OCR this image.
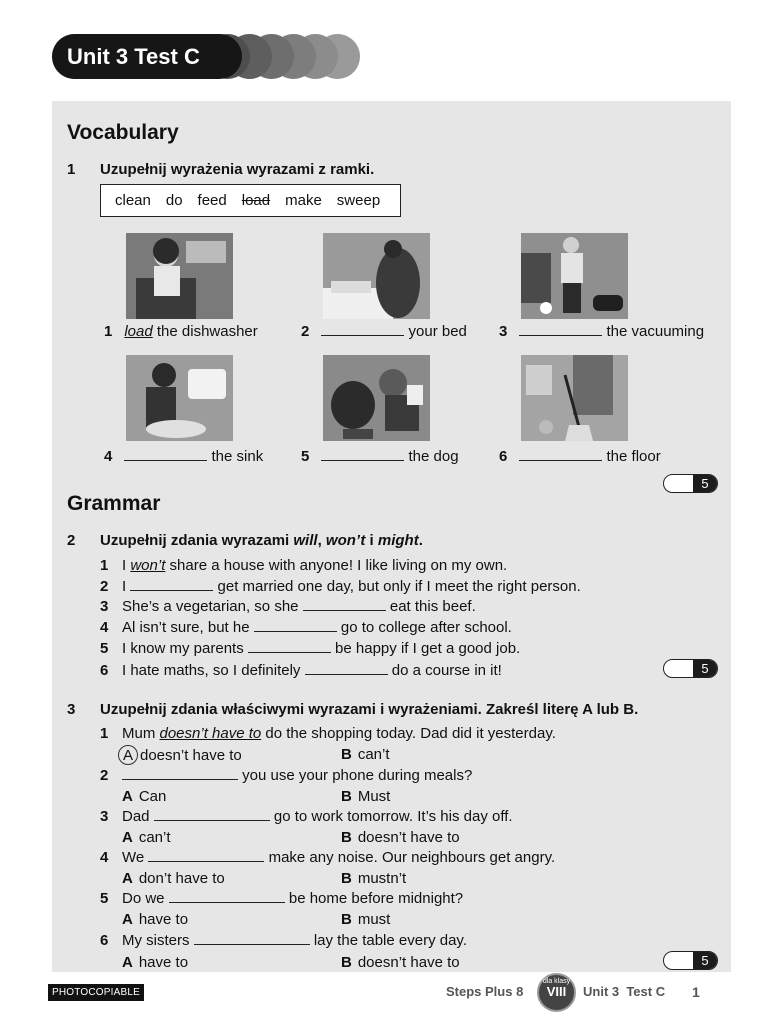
Unit 3 Test C
Vocabulary
1 Uzupełnij wyrażenia wyrazami z ramki.
clean do feed load make sweep
1 load the dishwasher	2	your bed 3	the vacuuming
4	the sink	5	the dog	6	the floor
5
Grammar
2 Uzupełnij zdania wyrazami will, won’t i might.
1 I won’t share a house with anyone! I like living on my own.
2 I	get married one day, but only if I meet the right person.
3 She’s a vegetarian, so she	eat this beef.
4 Al isn’t sure, but he	go to college after school.
5 I know my parents	be happy if I get a good job.
6 I hate maths, so I definitely	do a course in it!	5
3 Uzupełnij zdania właściwymi wyrazami i wyrażeniami. Zakreśl literę A lub B.
1 Mum doesn’t have to do the shopping today. Dad did it yesterday.
A doesn’t have to	B can’t
2	you use your phone during meals?
A Can	B Must
3 Dad	go to work tomorrow. It’s his day off.
A can’t	B doesn’t have to
4 We	make any noise. Our neighbours get angry.
A don’t have to	B mustn’t
5 Do we	be home before midnight?
A have to	B must
6 My sisters	lay the table every day.
A have to	B doesn’t have to	5
PHOTOCOPIABLE	Steps Plus 8
dla klasy
VIII	Unit 3  Test C 1
